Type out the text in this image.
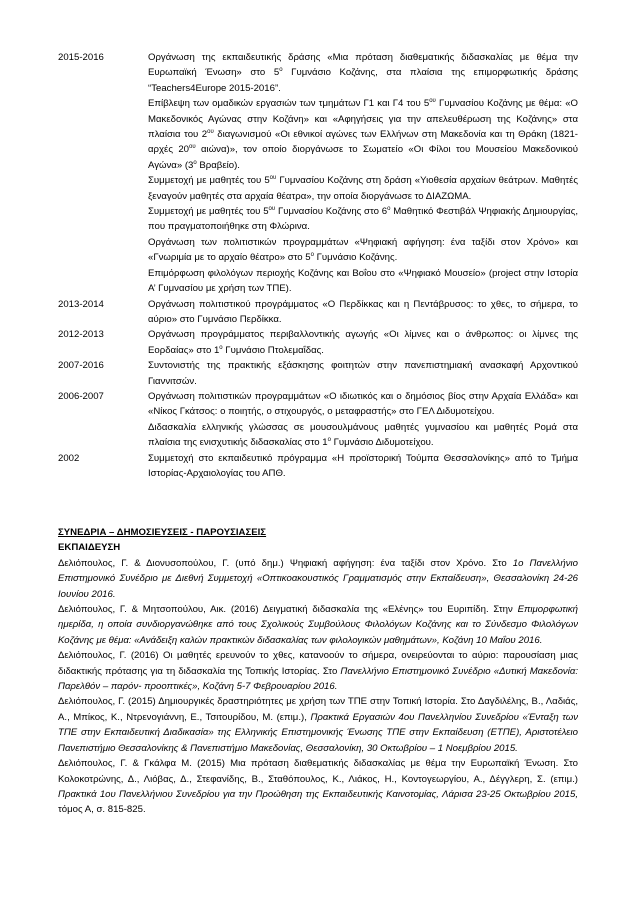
2015-2016	Οργάνωση της εκπαιδευτικής δράσης «Μια πρόταση διαθεματικής διδασκαλίας με θέμα την Ευρωπαϊκή Ένωση» στο $5^o$ Γυμνάσιο Κοζάνης, στα πλαίσια της επιμορφωτικής δράσης “Teachers4Europe 2015-2016”.

Επίβλεψη των ομαδικών εργασιών των τμημάτων Γ1 και Γ4 του $5^{o\upsilon}$ Γυμνασίου Κοζάνης με θέμα: «Ο Μακεδονικός Αγώνας στην Κοζάνη» και «Αφηγήσεις για την απελευθέρωση της Κοζάνης» στα πλαίσια του $2^{o\upsilon}$ διαγωνισμού «Οι εθνικοί αγώνες των Ελλήνων στη Μακεδονία και τη Θράκη (1821-αρχές $20^{o\upsilon}$ αιώνα)», τον οποίο διοργάνωσε το Σωματείο «Οι Φίλοι του Μουσείου Μακεδονικού Αγώνα» ($3^o$ Βραβείο).

Συμμετοχή με μαθητές του $5^{o\upsilon}$ Γυμνασίου Κοζάνης στη δράση «Υιοθεσία αρχαίων θεάτρων. Μαθητές ξεναγούν μαθητές στα αρχαία θέατρα», την οποία διοργάνωσε το ΔΙΑΖΩΜΑ.

Συμμετοχή με μαθητές του $5^{o\upsilon}$ Γυμνασίου Κοζάνης στο $6^o$ Μαθητικό Φεστιβάλ Ψηφιακής Δημιουργίας, που πραγματοποιήθηκε στη Φλώρινα.

Οργάνωση των πολιτιστικών προγραμμάτων «Ψηφιακή αφήγηση: ένα ταξίδι στον Χρόνο» και «Γνωριμία με το αρχαίο θέατρο» στο $5^o$ Γυμνάσιο Κοζάνης.

Επιμόρφωση φιλολόγων περιοχής Κοζάνης και Βοΐου στο «Ψηφιακό Μουσείο» (project στην Ιστορία Α’ Γυμνασίου με χρήση των ΤΠΕ).

2013-2014	Οργάνωση πολιτιστικού προγράμματος «Ο Περδίκκας και η Πεντάβρυσος: το χθες, το σήμερα, το αύριο» στο Γυμνάσιο Περδίκκα.

2012-2013	Οργάνωση προγράμματος περιβαλλοντικής αγωγής «Οι λίμνες και ο άνθρωπος: οι λίμνες της Εορδαίας» στο $1^o$ Γυμνάσιο Πτολεμαΐδας.

2007-2016	Συντονιστής της πρακτικής εξάσκησης φοιτητών στην πανεπιστημιακή ανασκαφή Αρχοντικού Γιαννιτσών.

2006-2007	Οργάνωση πολιτιστικών προγραμμάτων «Ο ιδιωτικός και ο δημόσιος βίος στην Αρχαία Ελλάδα» και «Νίκος Γκάτσος: ο ποιητής, ο στιχουργός, ο μεταφραστής» στο ΓΕΛ Διδυμοτείχου.

Διδασκαλία ελληνικής γλώσσας σε μουσουλμάνους μαθητές γυμνασίου και μαθητές Ρομά στα πλαίσια της ενισχυτικής διδασκαλίας στο $1^o$ Γυμνάσιο Διδυμοτείχου.

2002	Συμμετοχή στο εκπαιδευτικό πρόγραμμα «Η προϊστορική Τούμπα Θεσσαλονίκης» από το Τμήμα Ιστορίας-Αρχαιολογίας του ΑΠΘ.

ΣΥΝΕΔΡΙΑ – ΔΗΜΟΣΙΕΥΣΕΙΣ - ΠΑΡΟΥΣΙΑΣΕΙΣ

ΕΚΠΑΙΔΕΥΣΗ

Δελιόπουλος, Γ. & Διονυσοπούλου, Γ. (υπό δημ.) Ψηφιακή αφήγηση: ένα ταξίδι στον Χρόνο. Στο 1ο Πανελλήνιο Επιστημονικό Συνέδριο με Διεθνή Συμμετοχή «Οπτικοακουστικός Γραμματισμός στην Εκπαίδευση», Θεσσαλονίκη 24-26 Ιουνίου 2016.

Δελιόπουλος, Γ. & Μητσοπούλου, Αικ. (2016) Δειγματική διδασκαλία της «Ελένης» του Ευριπίδη. Στην Επιμορφωτική ημερίδα, η οποία συνδιοργανώθηκε από τους Σχολικούς Συμβούλους Φιλολόγων Κοζάνης και το Σύνδεσμο Φιλολόγων Κοζάνης με θέμα: «Ανάδειξη καλών πρακτικών διδασκαλίας των φιλολογικών μαθημάτων», Κοζάνη 10 Μαΐου 2016.

Δελιόπουλος, Γ. (2016) Οι μαθητές ερευνούν το χθες, κατανοούν το σήμερα, ονειρεύονται το αύριο: παρουσίαση μιας διδακτικής πρότασης για τη διδασκαλία της Τοπικής Ιστορίας. Στο Πανελλήνιο Επιστημονικό Συνέδριο «Δυτική Μακεδονία: Παρελθόν – παρόν- προοπτικές», Κοζάνη 5-7 Φεβρουαρίου 2016.

Δελιόπουλος, Γ. (2015) Δημιουργικές δραστηριότητες με χρήση των ΤΠΕ στην Τοπική Ιστορία. Στο Δαγδιλέλης, Β., Λαδιάς, Α., Μπίκος, Κ., Ντρενογιάννη, Ε., Τσιτουρίδου, Μ. (επιμ.), Πρακτικά Εργασιών 4ου Πανελληνίου Συνεδρίου «Ένταξη των ΤΠΕ στην Εκπαιδευτική Διαδικασία» της Ελληνικής Επιστημονικής Ένωσης ΤΠΕ στην Εκπαίδευση (ΕΤΠΕ), Αριστοτέλειο Πανεπιστήμιο Θεσσαλονίκης & Πανεπιστήμιο Μακεδονίας, Θεσσαλονίκη, 30 Οκτωβρίου – 1 Νοεμβρίου 2015.

Δελιόπουλος, Γ. & Γκάλφα Μ. (2015) Μια πρόταση διαθεματικής διδασκαλίας με θέμα την Ευρωπαϊκή Ένωση. Στο Κολοκοτρώνης, Δ., Λιόβας, Δ., Στεφανίδης, Β., Σταθόπουλος, Κ., Λιάκος, Η., Κοντογεωργίου, Α., Δέγγλερη, Σ. (επιμ.) Πρακτικά 1ου Πανελλήνιου Συνεδρίου για την Προώθηση της Εκπαιδευτικής Καινοτομίας, Λάρισα 23-25 Οκτωβρίου 2015, τόμος Α, σ. 815-825.
